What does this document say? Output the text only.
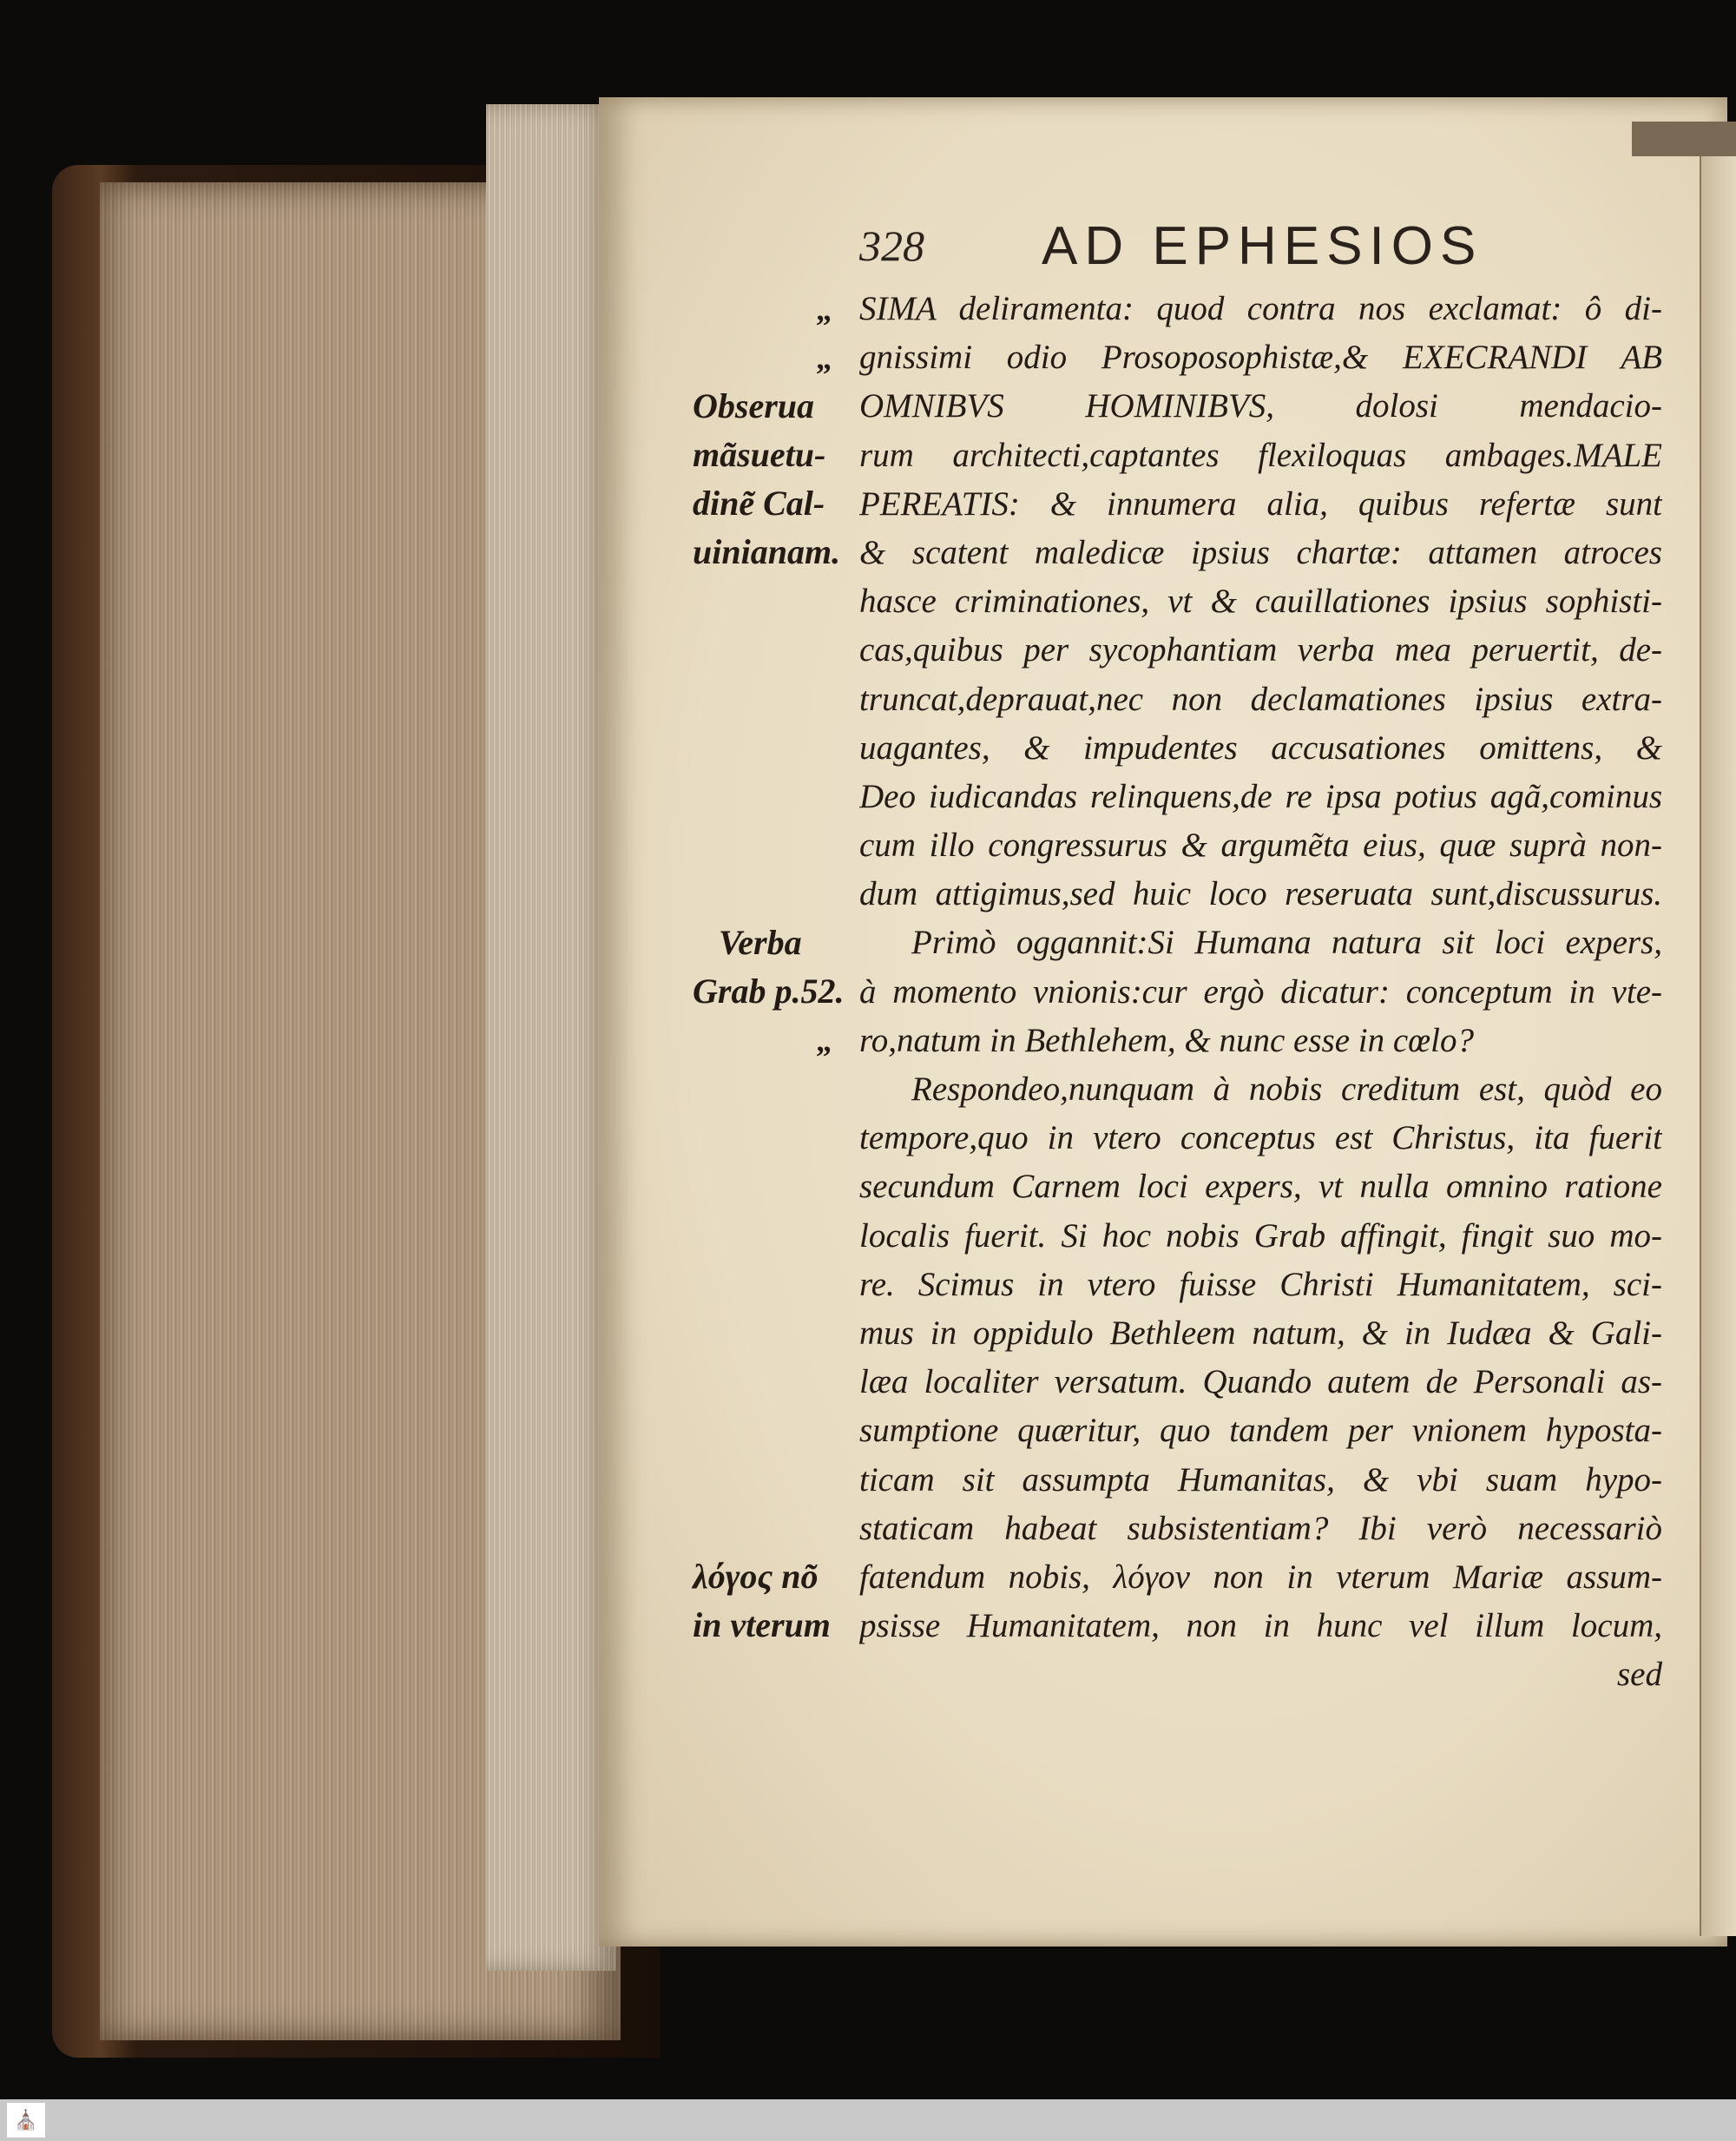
328 AD EPHESIOS
„
„
„
SIMA deliramenta: quod contra nos exclamat: ô di-
gnissimi odio Prosoposophistæ,& EXECRANDI AB
OMNIBVS HOMINIBVS, dolosi mendacio-
rum architecti,captantes flexiloquas ambages.MALE
PEREATIS: & innumera alia, quibus refertæ sunt
& scatent maledicæ ipsius chartæ: attamen atroces
hasce criminationes, vt & cauillationes ipsius sophisti-
cas,quibus per sycophantiam verba mea peruertit, de-
truncat,deprauat,nec non declamationes ipsius extra-
uagantes, & impudentes accusationes omittens, &
Deo iudicandas relinquens,de re ipsa potius agã,cominus
cum illo congressurus & argumẽta eius, quæ suprà non-
dum attigimus,sed huic loco reseruata sunt,discussurus.
Primò oggannit:Si Humana natura sit loci expers,
à momento vnionis:cur ergò dicatur: conceptum in vte-
ro,natum in Bethlehem, & nunc esse in cœlo?
Respondeo,nunquam à nobis creditum est, quòd eo
tempore,quo in vtero conceptus est Christus, ita fuerit
secundum Carnem loci expers, vt nulla omnino ratione
localis fuerit. Si hoc nobis Grab affingit, fingit suo mo-
re. Scimus in vtero fuisse Christi Humanitatem, sci-
mus in oppidulo Bethleem natum, & in Iudæa & Gali-
læa localiter versatum. Quando autem de Personali as-
sumptione quæritur, quo tandem per vnionem hyposta-
ticam sit assumpta Humanitas, & vbi suam hypo-
staticam habeat subsistentiam? Ibi verò necessariò
fatendum nobis, λόγον non in vterum Mariæ assum-
psisse Humanitatem, non in hunc vel illum locum,
sed
Obserua
mãsuetu-
dinẽ Cal-
uinianam.
Verba
Grab p.52.
λόγος nõ
in vterum
⛪
